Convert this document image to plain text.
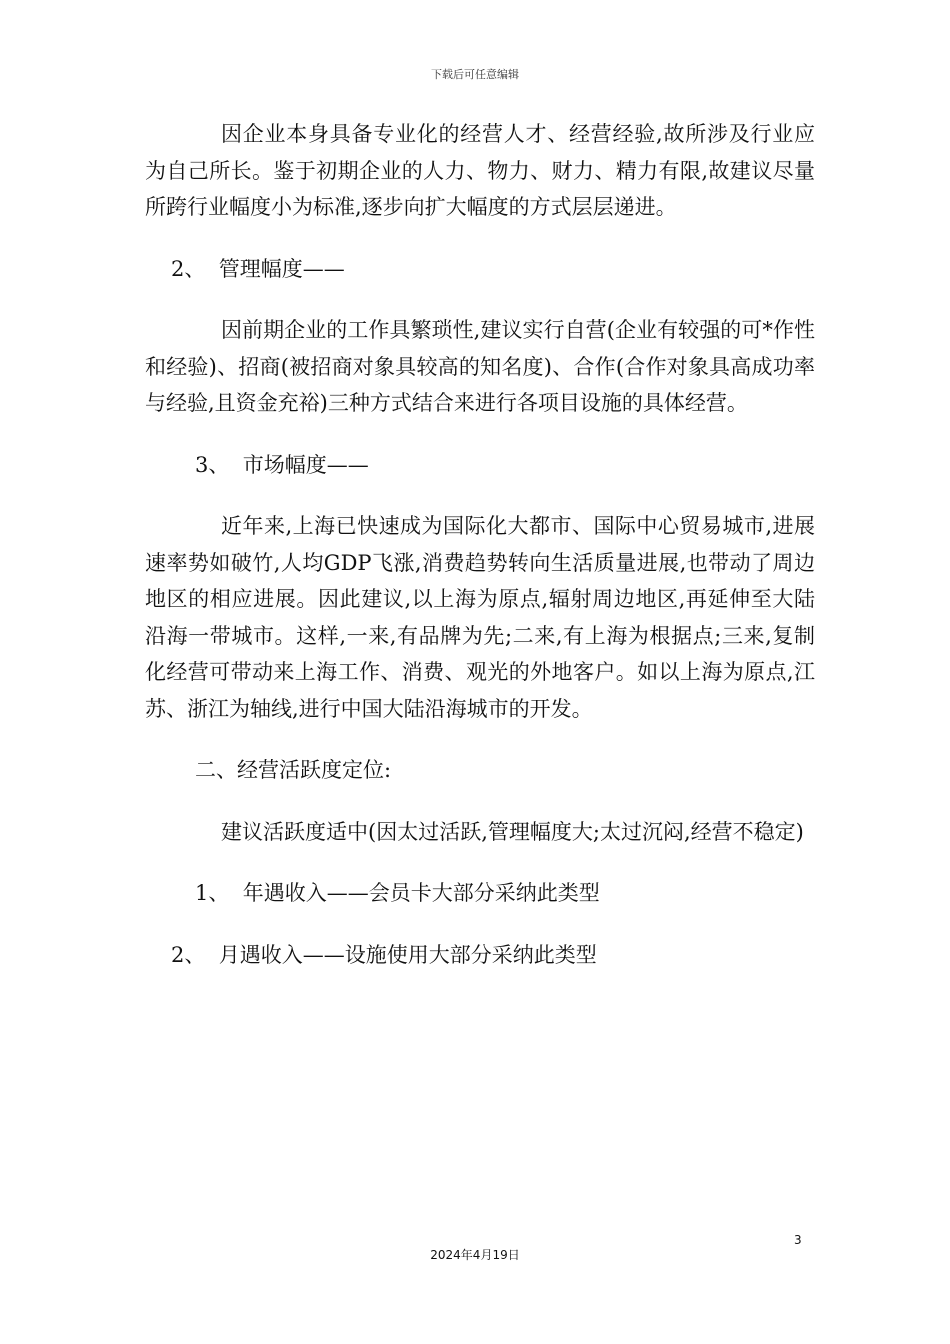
下载后可任意编辑

因企业本身具备专业化的经营人才、经营经验,故所涉及行业应为自己所长。鉴于初期企业的人力、物力、财力、精力有限,故建议尽量所跨行业幅度小为标准,逐步向扩大幅度的方式层层递进。

2、  管理幅度——

因前期企业的工作具繁琐性,建议实行自营(企业有较强的可*作性和经验)、招商(被招商对象具较高的知名度)、合作(合作对象具高成功率与经验,且资金充裕)三种方式结合来进行各项目设施的具体经营。

3、  市场幅度——

近年来,上海已快速成为国际化大都市、国际中心贸易城市,进展速率势如破竹,人均GDP飞涨,消费趋势转向生活质量进展,也带动了周边地区的相应进展。因此建议,以上海为原点,辐射周边地区,再延伸至大陆沿海一带城市。这样,一来,有品牌为先;二来,有上海为根据点;三来,复制化经营可带动来上海工作、消费、观光的外地客户。如以上海为原点,江苏、浙江为轴线,进行中国大陆沿海城市的开发。

二、经营活跃度定位:

建议活跃度适中(因太过活跃,管理幅度大;太过沉闷,经营不稳定)

1、  年遇收入——会员卡大部分采纳此类型

2、  月遇收入——设施使用大部分采纳此类型

3
2024年4月19日
